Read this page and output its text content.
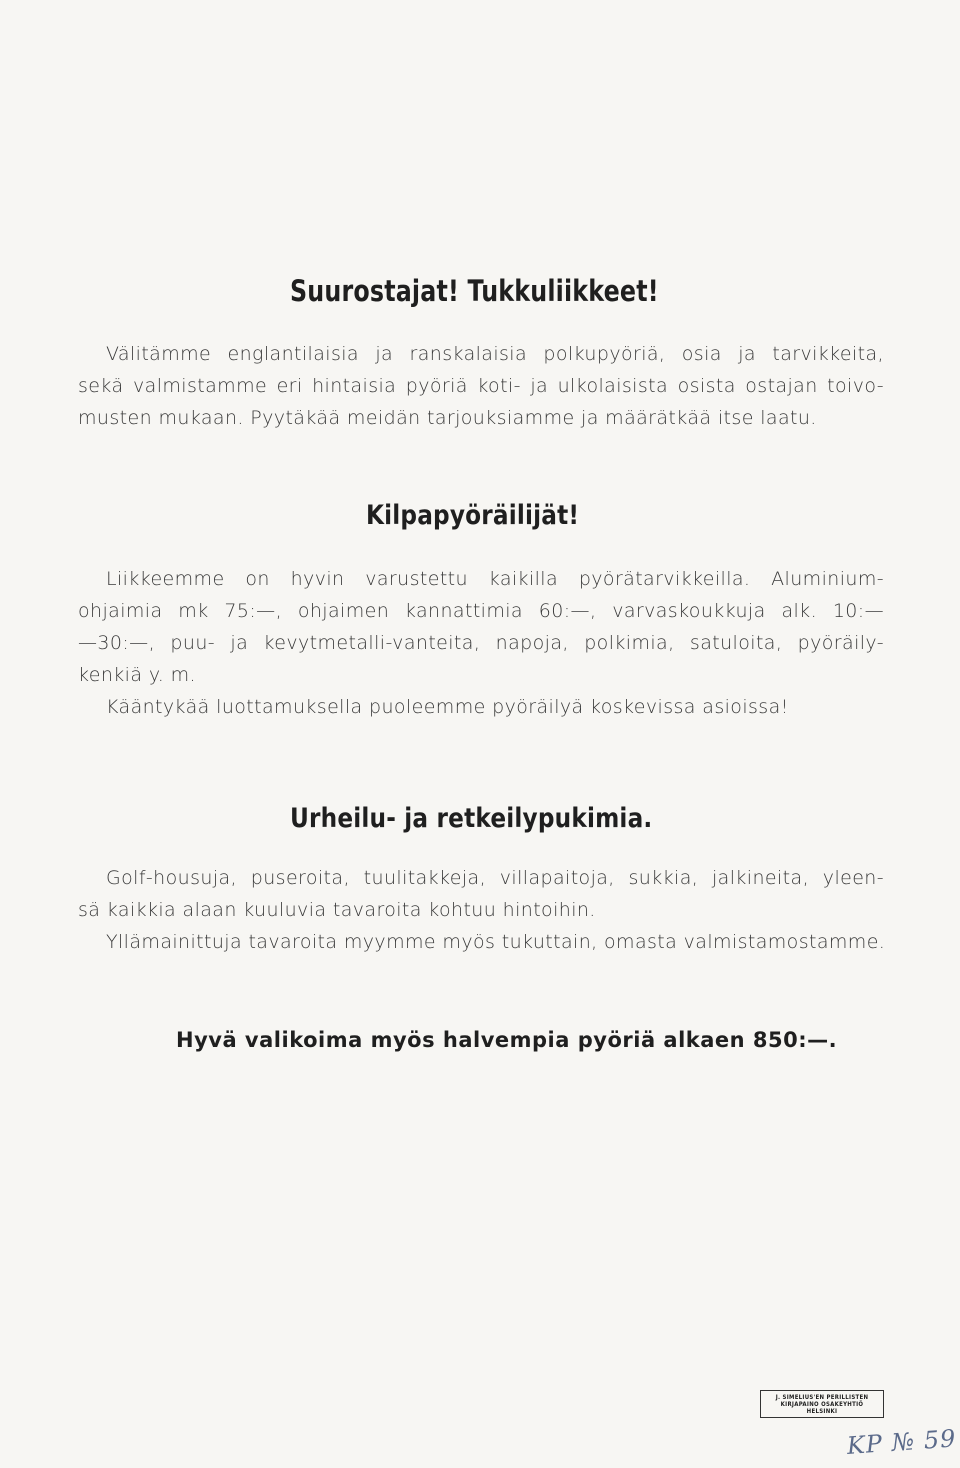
Suurostajat! Tukkuliikkeet!
Välitämme englantilaisia ja ranskalaisia polkupyöriä, osia ja tarvikkeita,
sekä valmistamme eri hintaisia pyöriä koti- ja ulkolaisista osista ostajan toivo-
musten mukaan. Pyytäkää meidän tarjouksiamme ja määrätkää itse laatu.
Kilpapyöräilijät!
Liikkeemme on hyvin varustettu kaikilla pyörätarvikkeilla. Aluminium-
ohjaimia mk 75:—, ohjaimen kannattimia 60:—, varvaskoukkuja alk. 10:—
—30:—, puu- ja kevytmetalli-vanteita, napoja, polkimia, satuloita, pyöräily-
kenkiä y. m.
Kääntykää luottamuksella puoleemme pyöräilyä koskevissa asioissa!
Urheilu- ja retkeilypukimia.
Golf-housuja, puseroita, tuulitakkeja, villapaitoja, sukkia, jalkineita, yleen-
sä kaikkia alaan kuuluvia tavaroita kohtuu hintoihin.
Yllämainittuja tavaroita myymme myös tukuttain, omasta valmistamostamme.

Hyvä valikoima myös halvempia pyöriä alkaen 850:—.

J. SIMELIUS'EN PERILLISTEN
KIRJAPAINO OSAKEYHTIÖ
HELSINKI
KP № 59
